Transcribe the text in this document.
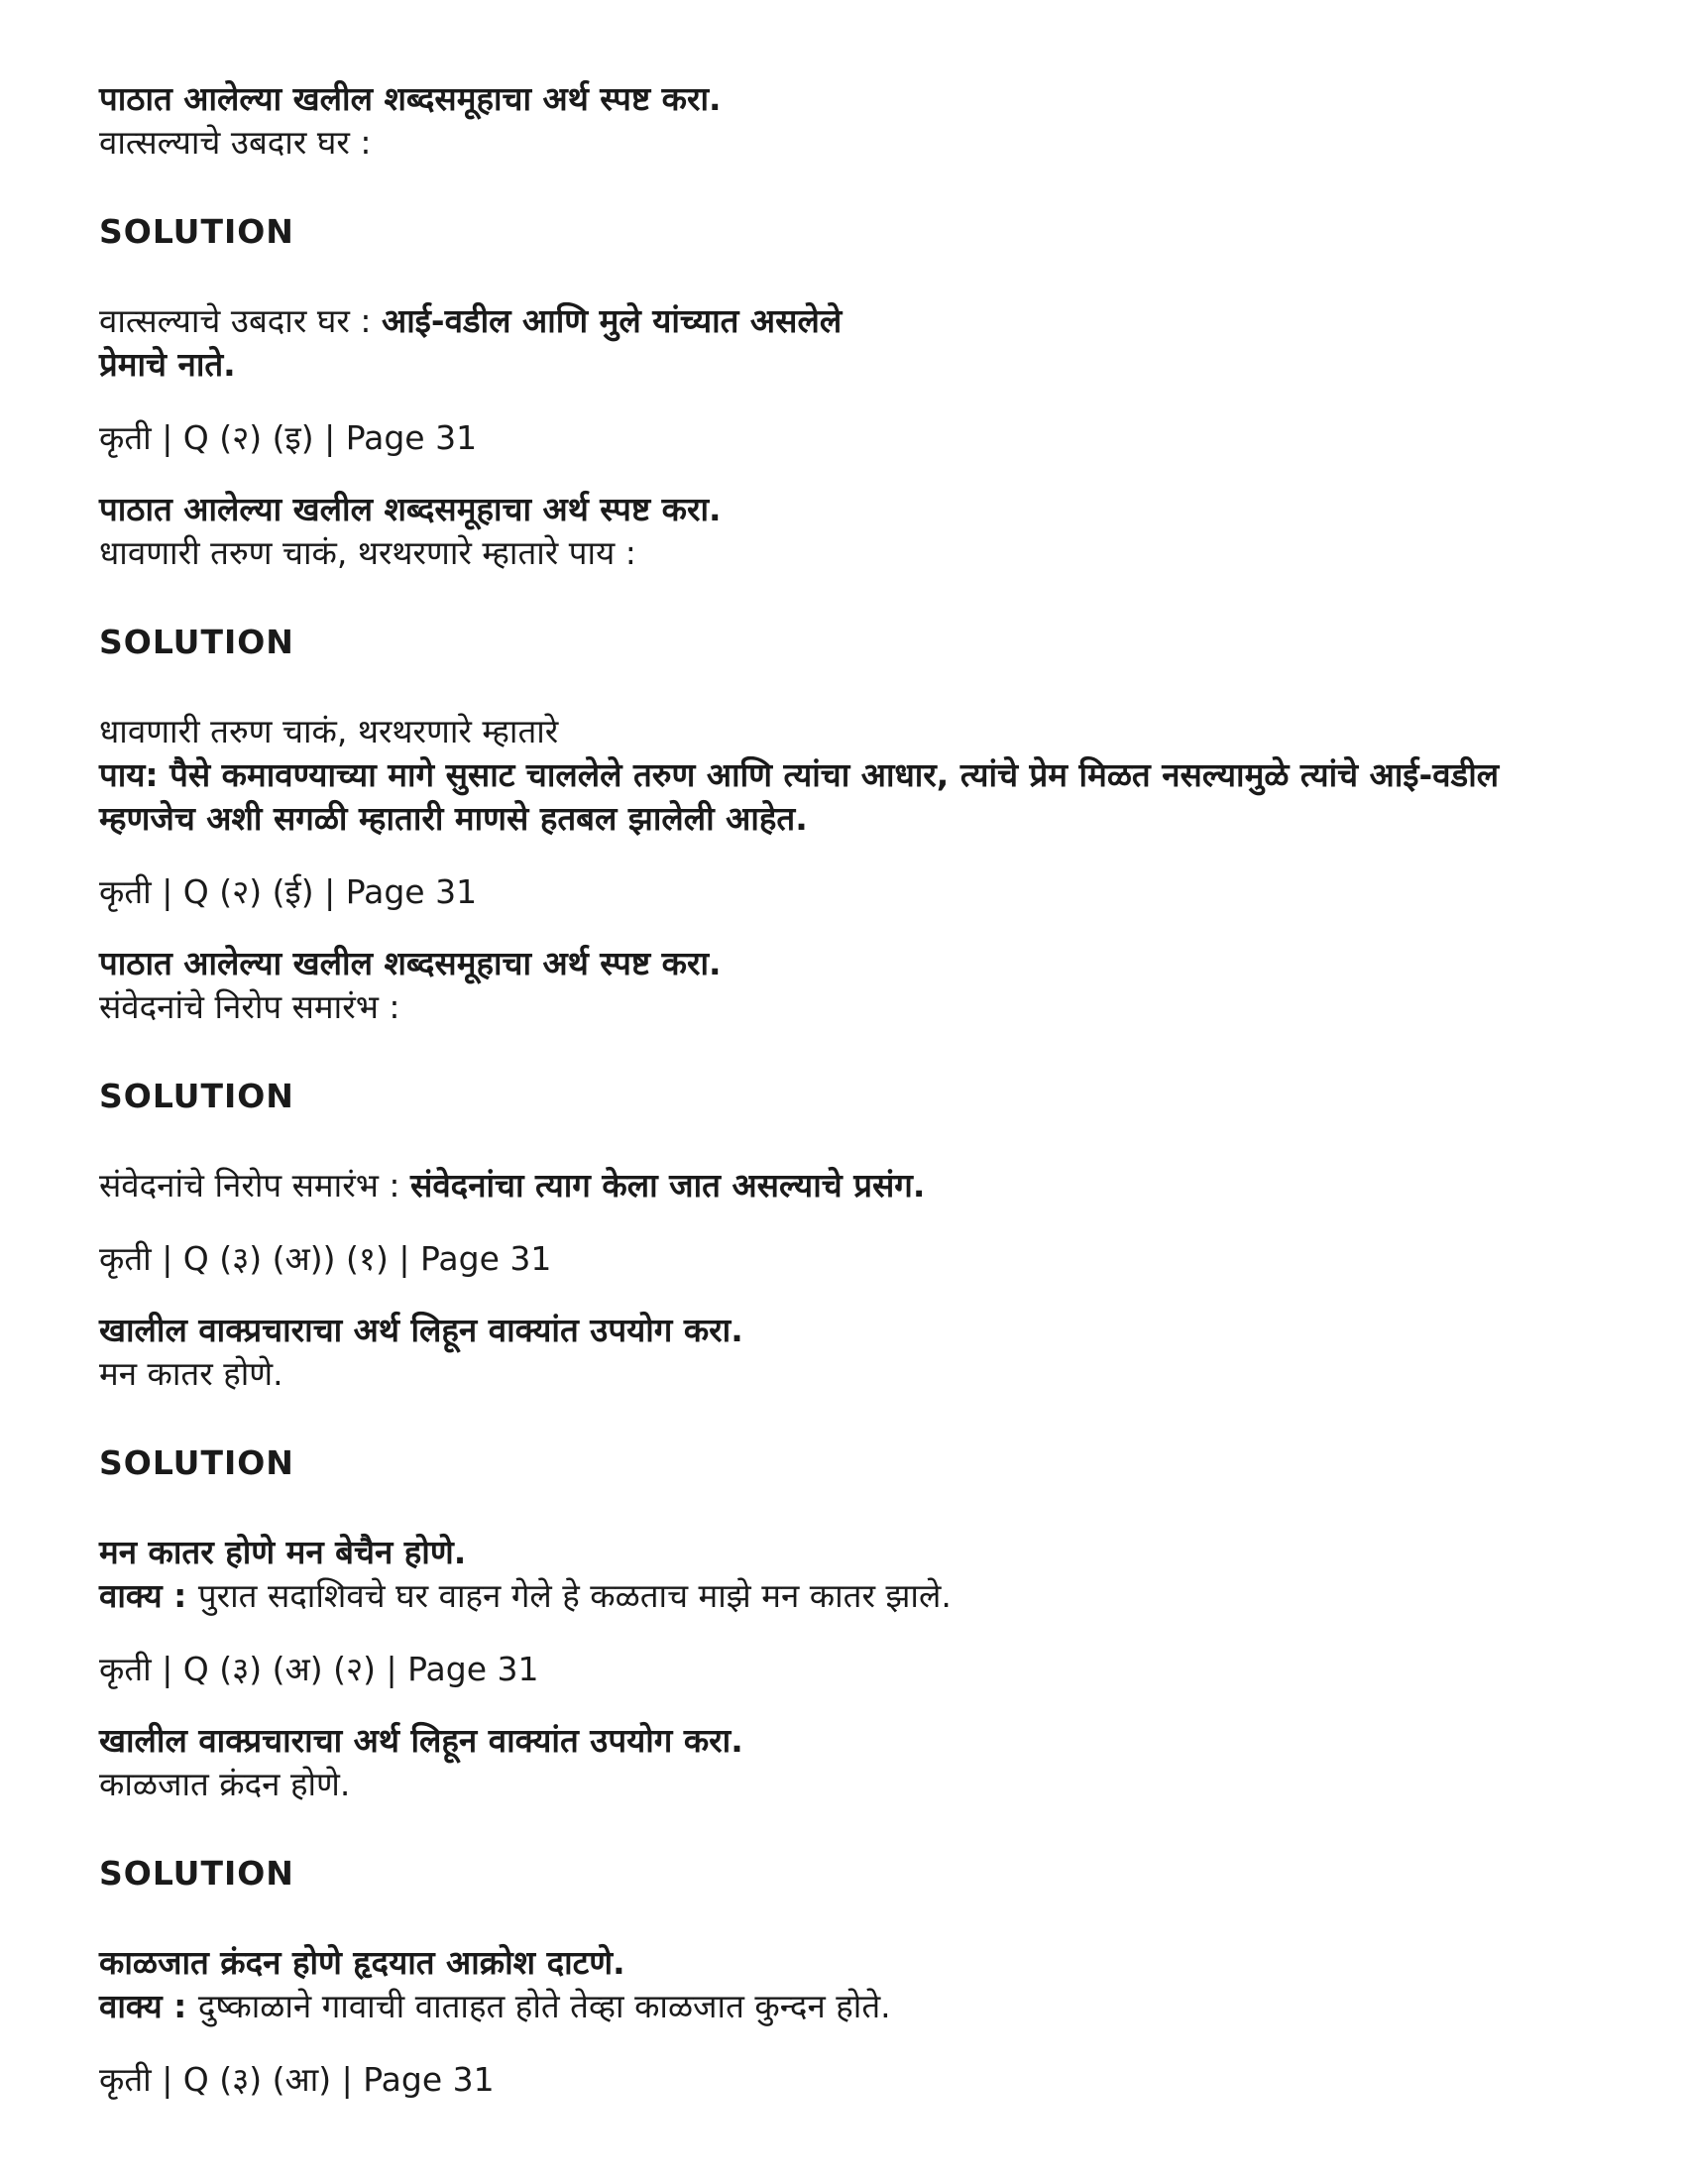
पाठात आलेल्या खलील शब्दसमूहाचा अर्थ स्पष्ट करा.

वात्सल्याचे उबदार घर :

SOLUTION

वात्सल्याचे उबदार घर : आई-वडील आणि मुले यांच्यात असलेले प्रेमाचे नाते.

कृती | Q (२) (इ) | Page 31

पाठात आलेल्या खलील शब्दसमूहाचा अर्थ स्पष्ट करा.

धावणारी तरुण चाकं, थरथरणारे म्हातारे पाय :

SOLUTION

धावणारी तरुण चाकं, थरथरणारे म्हातारे

पाय: पैसे कमावण्याच्या मागे सुसाट चाललेले तरुण आणि त्यांचा आधार, त्यांचे प्रेम मिळत नसल्यामुळे त्यांचे आई-वडील म्हणजेच अशी सगळी म्हातारी माणसे हतबल झालेली आहेत.

कृती | Q (२) (ई) | Page 31

पाठात आलेल्या खलील शब्दसमूहाचा अर्थ स्पष्ट करा.

संवेदनांचे निरोप समारंभ :

SOLUTION

संवेदनांचे निरोप समारंभ : संवेदनांचा त्याग केला जात असल्याचे प्रसंग.

कृती | Q (३) (अ)) (१) | Page 31

खालील वाक्प्रचाराचा अर्थ लिहून वाक्यांत उपयोग करा.

मन कातर होणे.

SOLUTION

मन कातर होणे मन बेचैन होणे.

वाक्य : पुरात सदाशिवचे घर वाहन गेले हे कळताच माझे मन कातर झाले.

कृती | Q (३) (अ) (२) | Page 31

खालील वाक्प्रचाराचा अर्थ लिहून वाक्यांत उपयोग करा.

काळजात क्रंदन होणे.

SOLUTION

काळजात क्रंदन होणे हृदयात आक्रोश दाटणे.

वाक्य : दुष्काळाने गावाची वाताहत होते तेव्हा काळजात कुन्दन होते.

कृती | Q (३) (आ) | Page 31
